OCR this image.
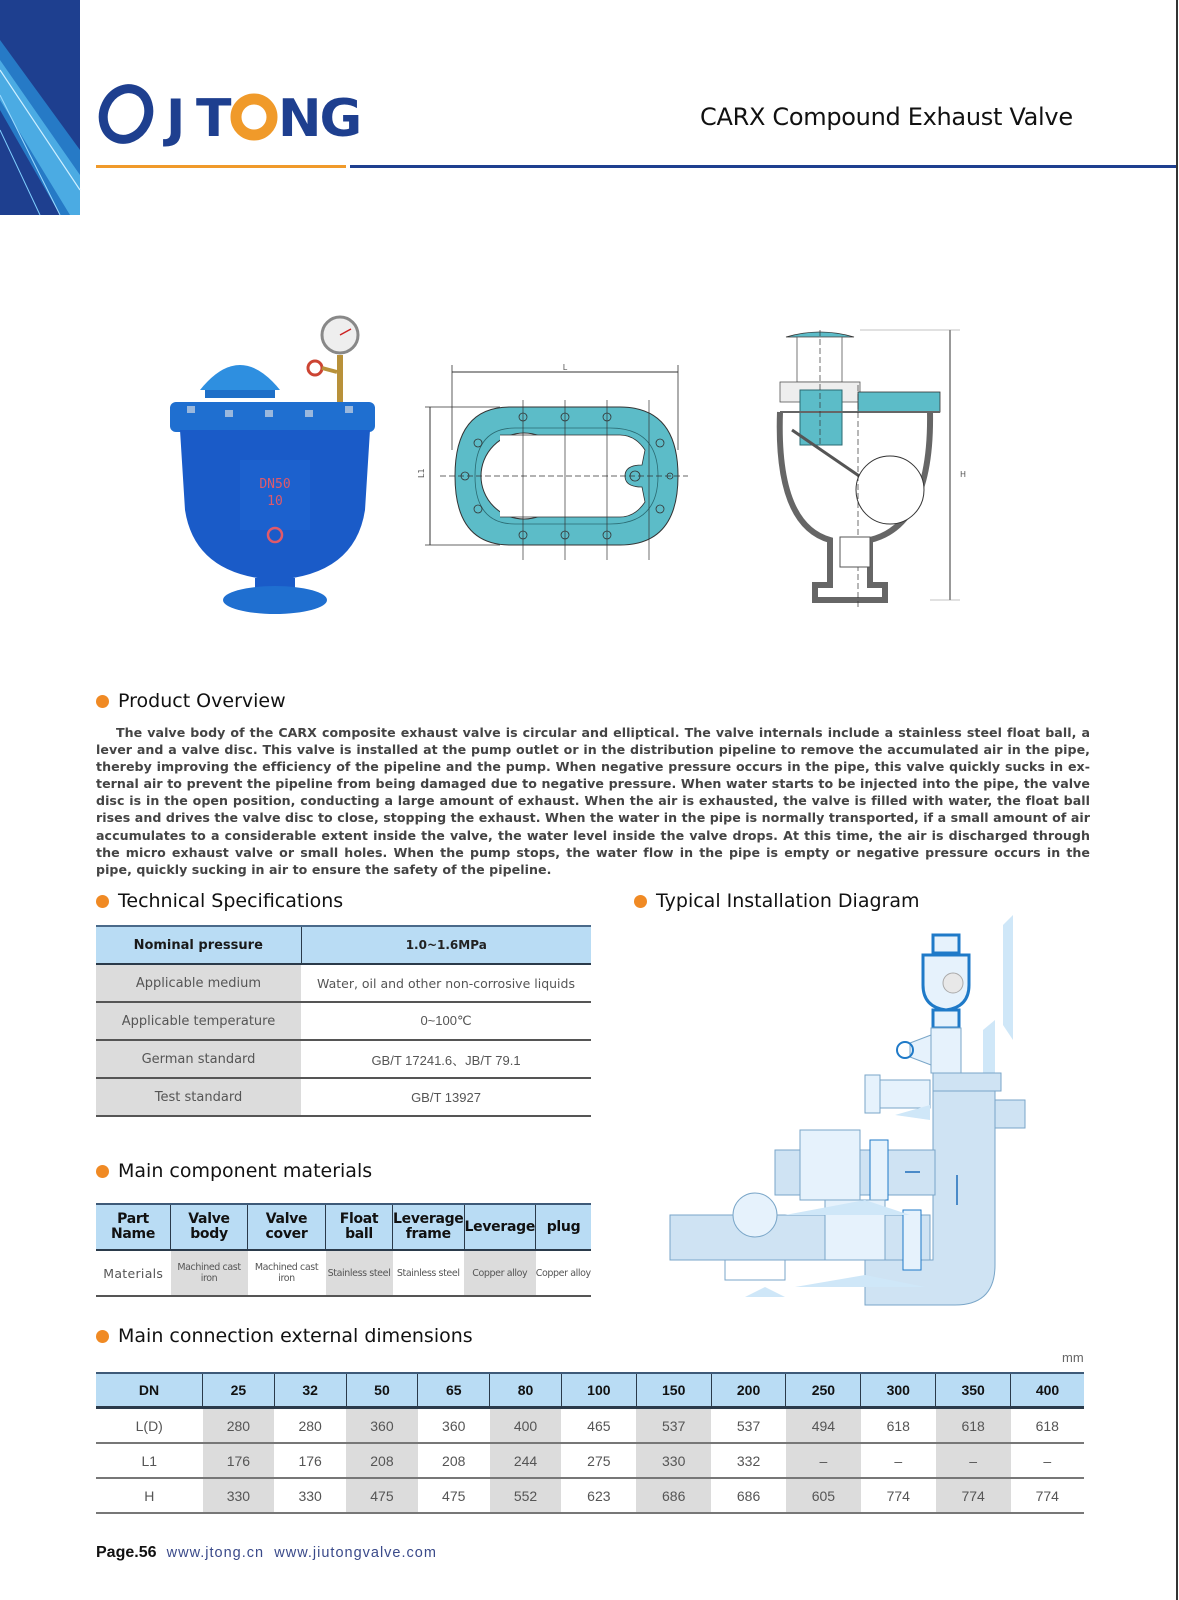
J T NG	CARX Compound Exhaust Valve
DN50
10
L
L1	H
Product Overview

The valve body of the CARX composite exhaust valve is circular and elliptical. The valve internals include a stainless steel float ball, a lever and a valve disc. This valve is installed at the pump outlet or in the distribution pipeline to remove the accumulated air in the pipe, thereby improving the efficiency of the pipeline and the pump. When negative pressure occurs in the pipe, this valve quickly sucks in ex-ternal air to prevent the pipeline from being damaged due to negative pressure. When water starts to be injected into the pipe, the valve disc is in the open position, conducting a large amount of exhaust. When the air is exhausted, the valve is filled with water, the float ball rises and drives the valve disc to close, stopping the exhaust. When the water in the pipe is normally transported, if a small amount of air accumulates to a considerable extent inside the valve, the water level inside the valve drops. At this time, the air is discharged through the micro exhaust valve or small holes. When the pump stops, the water flow in the pipe is empty or negative pressure occurs in the pipe, quickly sucking in air to ensure the safety of the pipeline.

Technical Specifications
Nominal pressure	1.0~1.6MPa
Applicable medium	Water, oil and other non-corrosive liquids
Applicable temperature	0~100℃
German standard	GB/T 17241.6、JB/T 79.1
Test standard	GB/T 13927
Typical Installation Diagram
Main component materials
Part Name	Valve body	Valve cover	Float ball	Leverage frame	Leverage	plug
Materials	Machined cast iron	Machined cast iron	Stainless steel	Stainless steel	Copper alloy	Copper alloy
Main connection external dimensions
mm
DN	25	32	50	65	80	100	150	200	250	300	350	400
L(D)	280	280	360	360	400	465	537	537	494	618	618	618
L1	176	176	208	208	244	275	330	332	–	–	–	–
H	330	330	475	475	552	623	686	686	605	774	774	774
Page.56 www.jtong.cn www.jiutongvalve.com
